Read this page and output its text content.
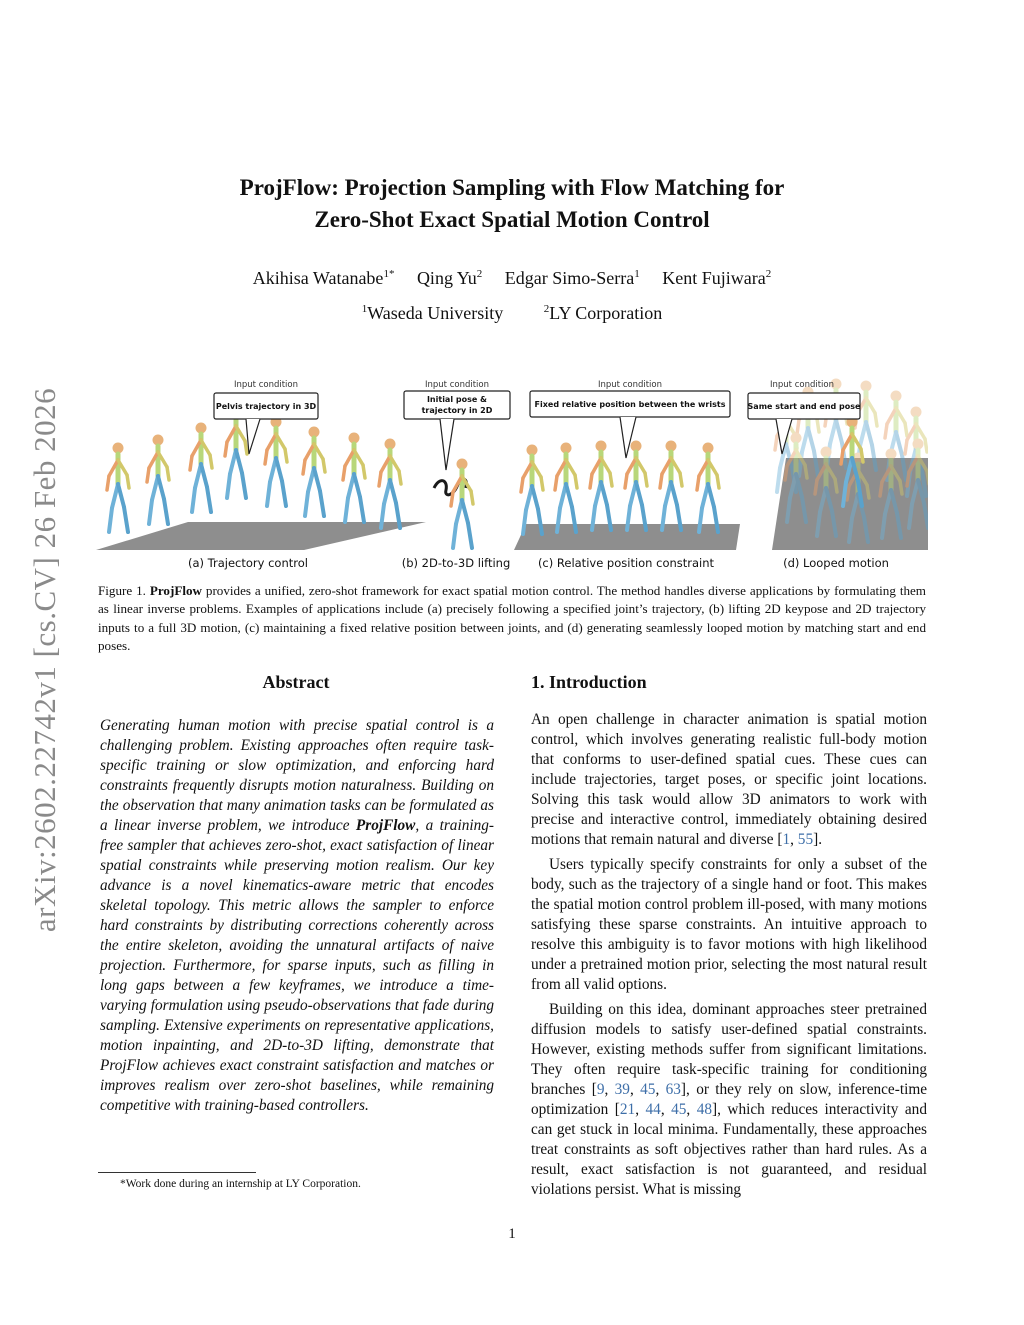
arXiv:2602.22742v1 [cs.CV] 26 Feb 2026
ProjFlow: Projection Sampling with Flow Matching for
Zero-Shot Exact Spatial Motion Control
Akihisa Watanabe$^{1*}$ Qing Yu$^2$ Edgar Simo-Serra$^1$ Kent Fujiwara$^2$
$^1$Waseda University	$^2$LY Corporation
Input condition
Pelvis trajectory in 3D
(a) Trajectory control
Input condition
Initial pose &
trajectory in 2D
(b) 2D-to-3D lifting
Input condition
Fixed relative position between the wrists
(c) Relative position constraint
Input condition
Same start and end pose
(d) Looped motion
Figure 1. ProjFlow provides a unified, zero-shot framework for exact spatial motion control. The method handles diverse applications by formulating them as linear inverse problems. Examples of applications include (a) precisely following a specified joint’s trajectory, (b) lifting 2D keypose and 2D trajectory inputs to a full 3D motion, (c) maintaining a fixed relative position between joints, and (d) generating seamlessly looped motion by matching start and end poses.
Abstract
Generating human motion with precise spatial control is a challenging problem. Existing approaches often require task-specific training or slow optimization, and enforcing hard constraints frequently disrupts motion naturalness. Building on the observation that many animation tasks can be formulated as a linear inverse problem, we introduce ProjFlow, a training-free sampler that achieves zero-shot, exact satisfaction of linear spatial constraints while preserving motion realism. Our key advance is a novel kinematics-aware metric that encodes skeletal topology. This metric allows the sampler to enforce hard constraints by distributing corrections coherently across the entire skeleton, avoiding the unnatural artifacts of naive projection. Furthermore, for sparse inputs, such as filling in long gaps between a few keyframes, we introduce a time-varying formulation using pseudo-observations that fade during sampling. Extensive experiments on representative applications, motion inpainting, and 2D-to-3D lifting, demonstrate that ProjFlow achieves exact constraint satisfaction and matches or improves realism over zero-shot baselines, while remaining competitive with training-based controllers.
1. Introduction

An open challenge in character animation is spatial motion control, which involves generating realistic full-body motion that conforms to user-defined spatial cues. These cues can include trajectories, target poses, or specific joint locations. Solving this task would allow 3D animators to work with precise and interactive control, immediately obtaining desired motions that remain natural and diverse [1, 55].

Users typically specify constraints for only a subset of the body, such as the trajectory of a single hand or foot. This makes the spatial motion control problem ill-posed, with many motions satisfying these sparse constraints. An intuitive approach to resolve this ambiguity is to favor motions with high likelihood under a pretrained motion prior, selecting the most natural result from all valid options.

Building on this idea, dominant approaches steer pretrained diffusion models to satisfy user-defined spatial constraints. However, existing methods suffer from significant limitations. They often require task-specific training for conditioning branches [9, 39, 45, 63], or they rely on slow, inference-time optimization [21, 44, 45, 48], which reduces interactivity and can get stuck in local minima. Fundamentally, these approaches treat constraints as soft objectives rather than hard rules. As a result, exact satisfaction is not guaranteed, and residual violations persist. What is missing

*Work done during an internship at LY Corporation.
1
